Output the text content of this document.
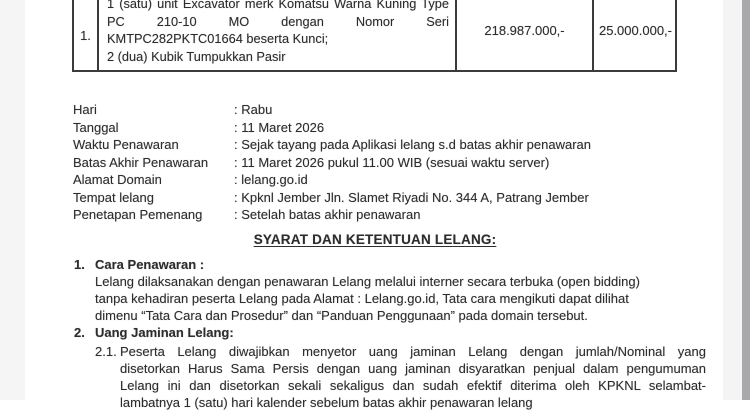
1.
1 (satu) unit Excavator merk Komatsu Warna Kuning Type
PC 210-10 MO dengan Nomor Seri
KMTPC282PKTC01664 beserta Kunci;
2 (dua) Kubik Tumpukkan Pasir
218.987.000,-	25.000.000,-
Hari	: Rabu
Tanggal	: 11 Maret 2026
Waktu Penawaran	: Sejak tayang pada Aplikasi lelang s.d batas akhir penawaran
Batas Akhir Penawaran	: 11 Maret 2026 pukul 11.00 WIB (sesuai waktu server)
Alamat Domain	: lelang.go.id
Tempat lelang	: Kpknl Jember Jln. Slamet Riyadi No. 344 A, Patrang Jember
Penetapan Pemenang	: Setelah batas akhir penawaran
SYARAT DAN KETENTUAN LELANG:
1. Cara Penawaran :
Lelang dilaksanakan dengan penawaran Lelang melalui interner secara terbuka (open bidding)
tanpa kehadiran peserta Lelang pada Alamat : Lelang.go.id, Tata cara mengikuti dapat dilihat
dimenu “Tata Cara dan Prosedur” dan “Panduan Penggunaan” pada domain tersebut.
2. Uang Jaminan Lelang:
2.1. Peserta Lelang diwajibkan menyetor uang jaminan Lelang dengan jumlah/Nominal yang
disetorkan Harus Sama Persis dengan uang jaminan disyaratkan penjual dalam pengumuman
Lelang ini dan disetorkan sekali sekaligus dan sudah efektif diterima oleh KPKNL selambat-
lambatnya 1 (satu) hari kalender sebelum batas akhir penawaran lelang
